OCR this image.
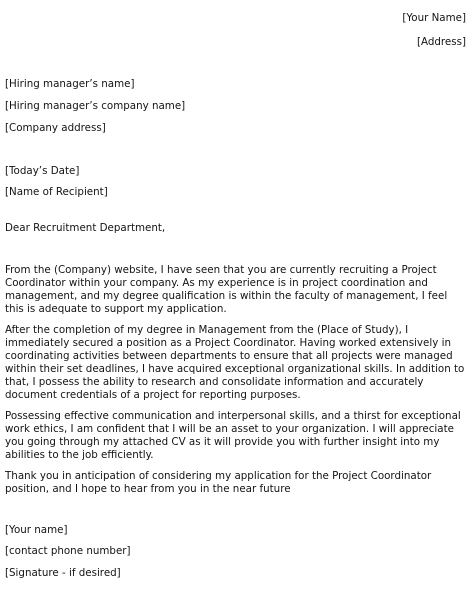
[Your Name]
[Address]
[Hiring manager’s name]
[Hiring manager’s company name]
[Company address]
[Today’s Date]
[Name of Recipient]
Dear Recruitment Department,
From the (Company) website, I have seen that you are currently recruiting a Project
Coordinator within your company. As my experience is in project coordination and
management, and my degree qualification is within the faculty of management, I feel
this is adequate to support my application.
After the completion of my degree in Management from the (Place of Study), I
immediately secured a position as a Project Coordinator. Having worked extensively in
coordinating activities between departments to ensure that all projects were managed
within their set deadlines, I have acquired exceptional organizational skills. In addition to
that, I possess the ability to research and consolidate information and accurately
document credentials of a project for reporting purposes.
Possessing effective communication and interpersonal skills, and a thirst for exceptional
work ethics, I am confident that I will be an asset to your organization. I will appreciate
you going through my attached CV as it will provide you with further insight into my
abilities to the job efficiently.
Thank you in anticipation of considering my application for the Project Coordinator
position, and I hope to hear from you in the near future
[Your name]
[contact phone number]
[Signature - if desired]
